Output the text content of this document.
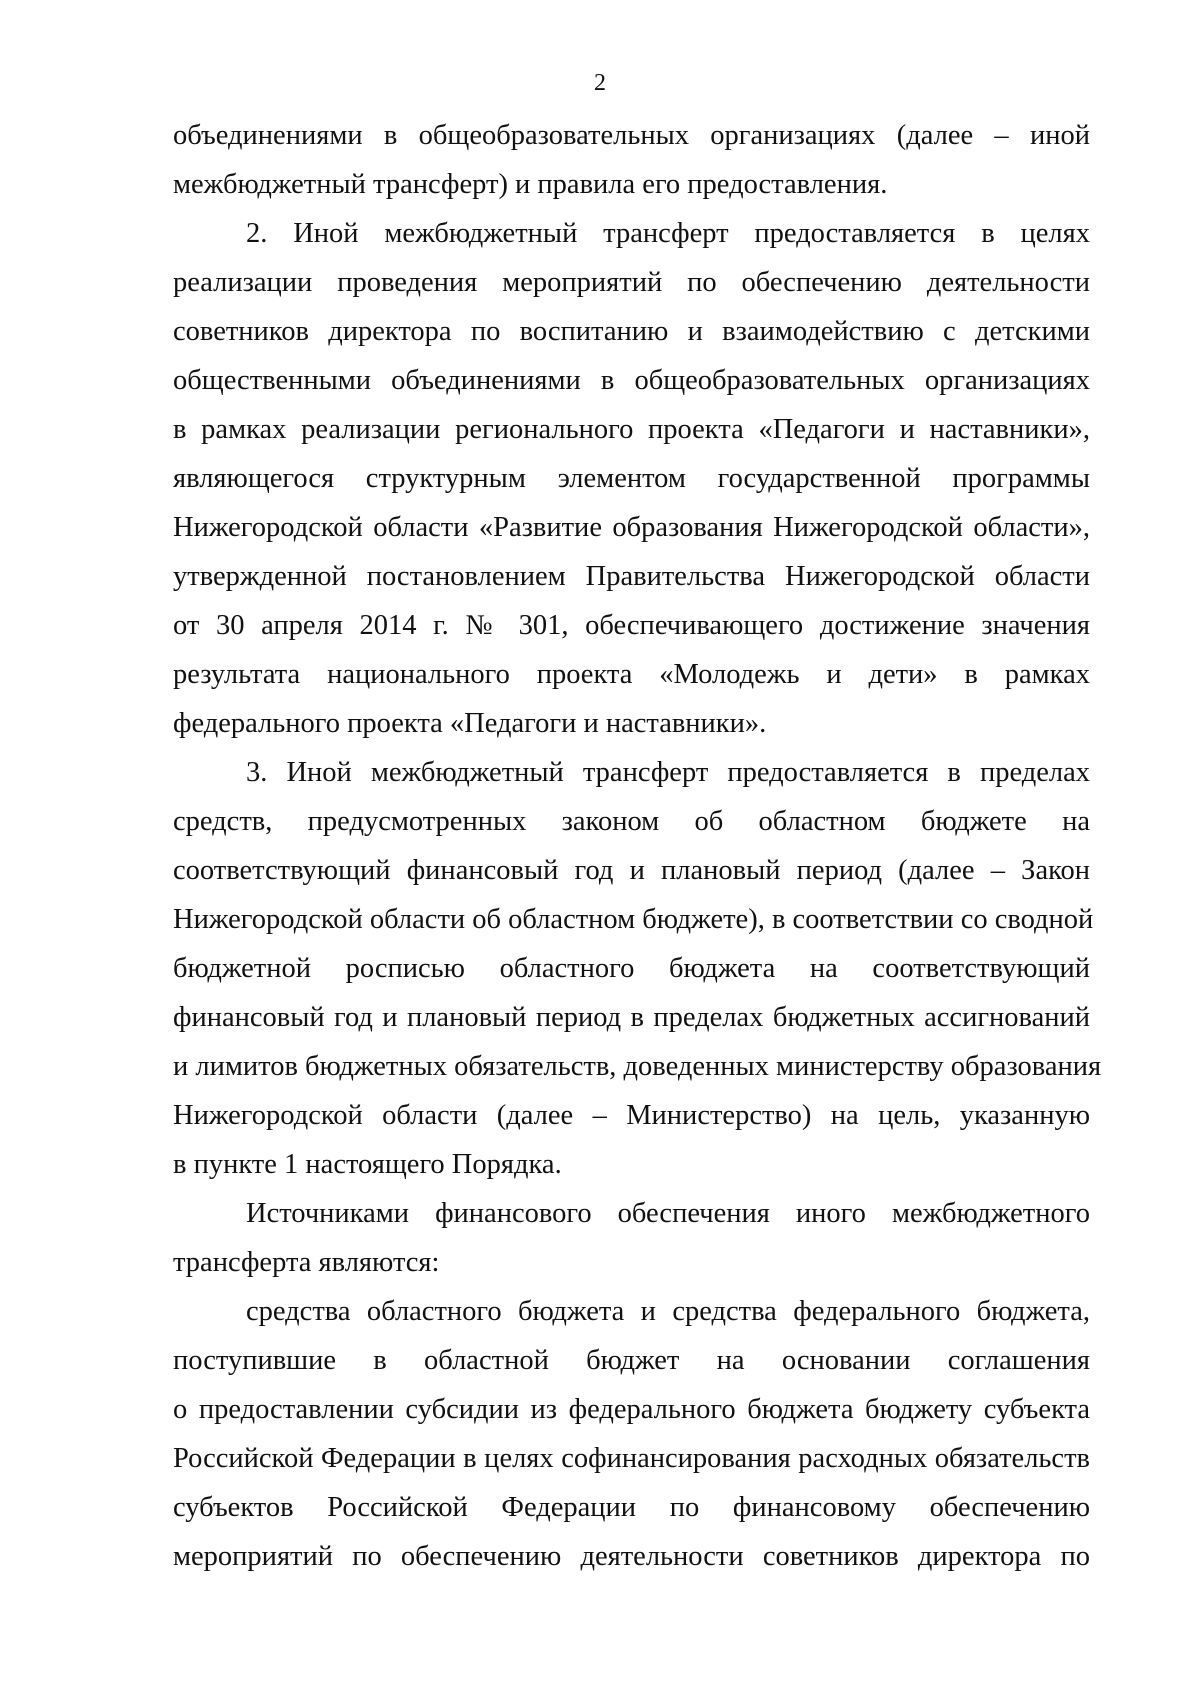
2
объединениями в общеобразовательных организациях (далее – иной
межбюджетный трансферт) и правила его предоставления.
2. Иной межбюджетный трансферт предоставляется в целях
реализации проведения мероприятий по обеспечению деятельности
советников директора по воспитанию и взаимодействию с детскими
общественными объединениями в общеобразовательных организациях
в рамках реализации регионального проекта «Педагоги и наставники»,
являющегося структурным элементом государственной программы
Нижегородской области «Развитие образования Нижегородской области»,
утвержденной постановлением Правительства Нижегородской области
от 30 апреля 2014 г. № 301, обеспечивающего достижение значения
результата национального проекта «Молодежь и дети» в рамках
федерального проекта «Педагоги и наставники».
3. Иной межбюджетный трансферт предоставляется в пределах
средств, предусмотренных законом об областном бюджете на
соответствующий финансовый год и плановый период (далее – Закон
Нижегородской области об областном бюджете), в соответствии со сводной
бюджетной росписью областного бюджета на соответствующий
финансовый год и плановый период в пределах бюджетных ассигнований
и лимитов бюджетных обязательств, доведенных министерству образования
Нижегородской области (далее – Министерство) на цель, указанную
в пункте 1 настоящего Порядка.
Источниками финансового обеспечения иного межбюджетного
трансферта являются:
средства областного бюджета и средства федерального бюджета,
поступившие в областной бюджет на основании соглашения
о предоставлении субсидии из федерального бюджета бюджету субъекта
Российской Федерации в целях софинансирования расходных обязательств
субъектов Российской Федерации по финансовому обеспечению
мероприятий по обеспечению деятельности советников директора по
